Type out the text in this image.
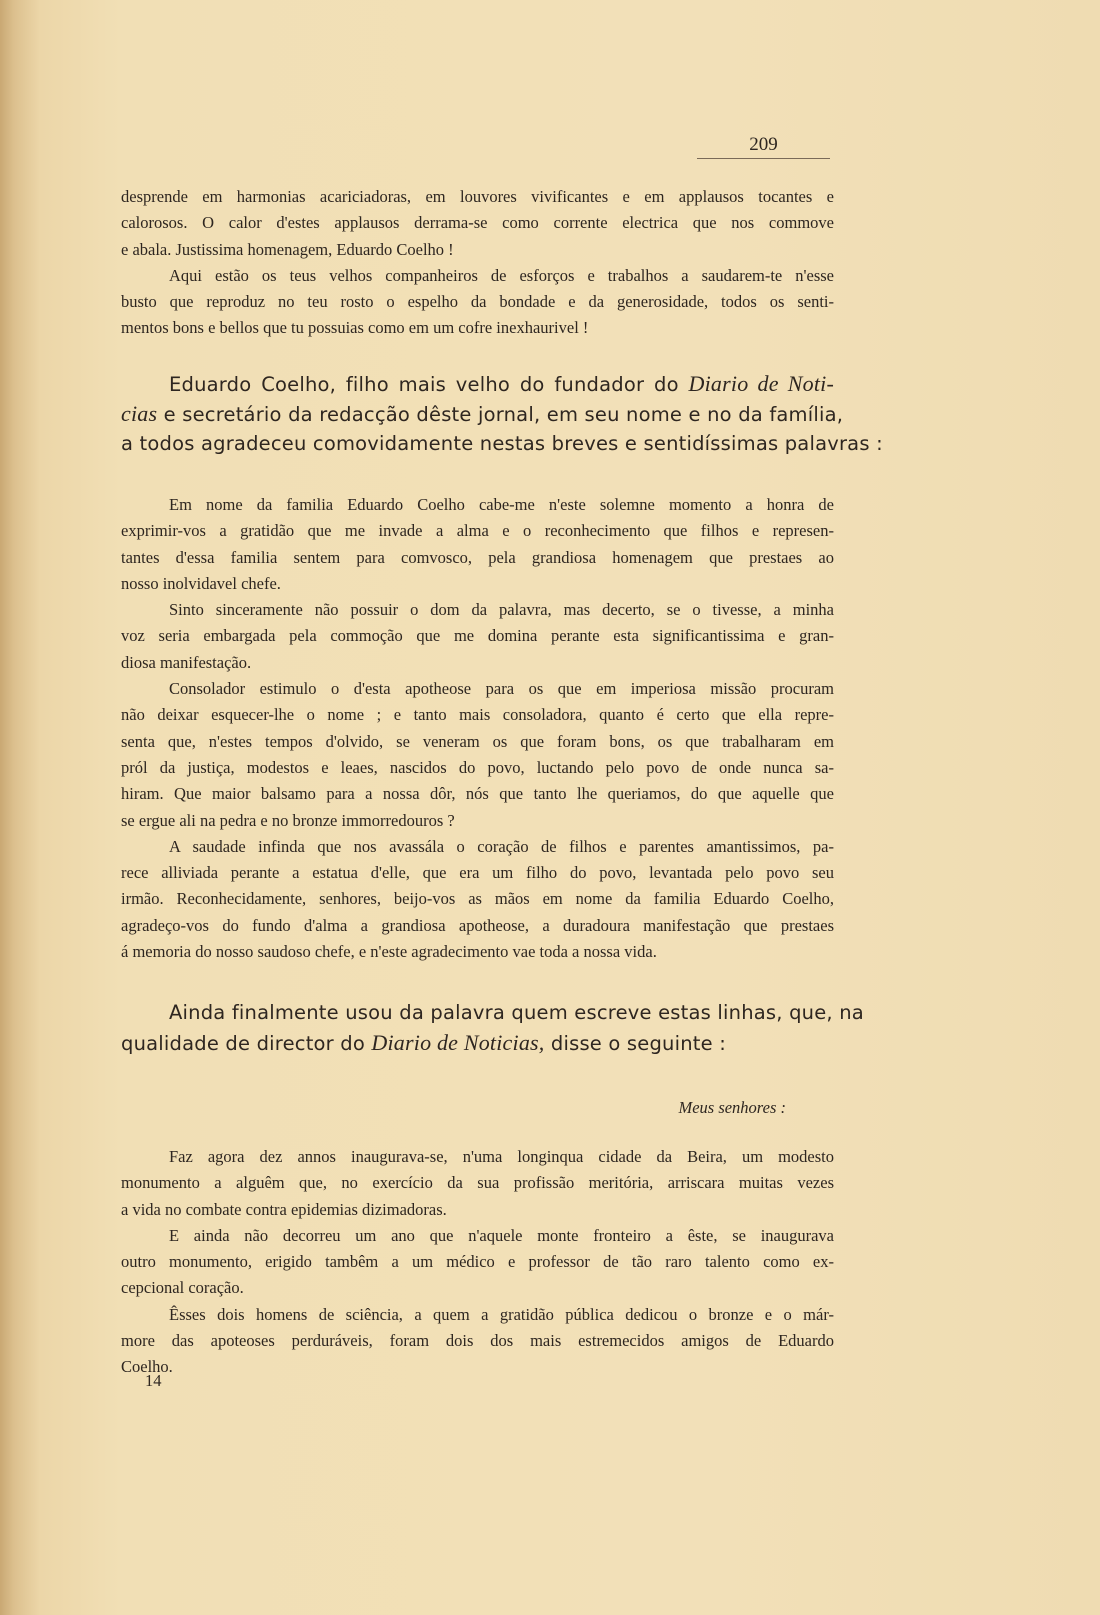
209
desprende em harmonias acariciadoras, em louvores vivificantes e em applausos tocantes e
calorosos. O calor d'estes applausos derrama-se como corrente electrica que nos commove
e abala. Justissima homenagem, Eduardo Coelho !
Aqui estão os teus velhos companheiros de esforços e trabalhos a saudarem-te n'esse
busto que reproduz no teu rosto o espelho da bondade e da generosidade, todos os senti-
mentos bons e bellos que tu possuias como em um cofre inexhaurivel !
Eduardo Coelho, filho mais velho do fundador do Diario de Noti-
cias e secretário da redacção dêste jornal, em seu nome e no da família,
a todos agradeceu comovidamente nestas breves e sentidíssimas palavras :
Em nome da familia Eduardo Coelho cabe-me n'este solemne momento a honra de
exprimir-vos a gratidão que me invade a alma e o reconhecimento que filhos e represen-
tantes d'essa familia sentem para comvosco, pela grandiosa homenagem que prestaes ao
nosso inolvidavel chefe.
Sinto sinceramente não possuir o dom da palavra, mas decerto, se o tivesse, a minha
voz seria embargada pela commoção que me domina perante esta significantissima e gran-
diosa manifestação.
Consolador estimulo o d'esta apotheose para os que em imperiosa missão procuram
não deixar esquecer-lhe o nome ; e tanto mais consoladora, quanto é certo que ella repre-
senta que, n'estes tempos d'olvido, se veneram os que foram bons, os que trabalharam em
pról da justiça, modestos e leaes, nascidos do povo, luctando pelo povo de onde nunca sa-
hiram. Que maior balsamo para a nossa dôr, nós que tanto lhe queriamos, do que aquelle que
se ergue ali na pedra e no bronze immorredouros ?
A saudade infinda que nos avassála o coração de filhos e parentes amantissimos, pa-
rece alliviada perante a estatua d'elle, que era um filho do povo, levantada pelo povo seu
irmão. Reconhecidamente, senhores, beijo-vos as mãos em nome da familia Eduardo Coelho,
agradeço-vos do fundo d'alma a grandiosa apotheose, a duradoura manifestação que prestaes
á memoria do nosso saudoso chefe, e n'este agradecimento vae toda a nossa vida.
Ainda finalmente usou da palavra quem escreve estas linhas, que, na
qualidade de director do Diario de Noticias, disse o seguinte :
Meus senhores :
Faz agora dez annos inaugurava-se, n'uma longinqua cidade da Beira, um modesto
monumento a alguêm que, no exercício da sua profissão meritória, arriscara muitas vezes
a vida no combate contra epidemias dizimadoras.
E ainda não decorreu um ano que n'aquele monte fronteiro a êste, se inaugurava
outro monumento, erigido tambêm a um médico e professor de tão raro talento como ex-
cepcional coração.
Êsses dois homens de sciência, a quem a gratidão pública dedicou o bronze e o már-
more das apoteoses perduráveis, foram dois dos mais estremecidos amigos de Eduardo
Coelho.
14
